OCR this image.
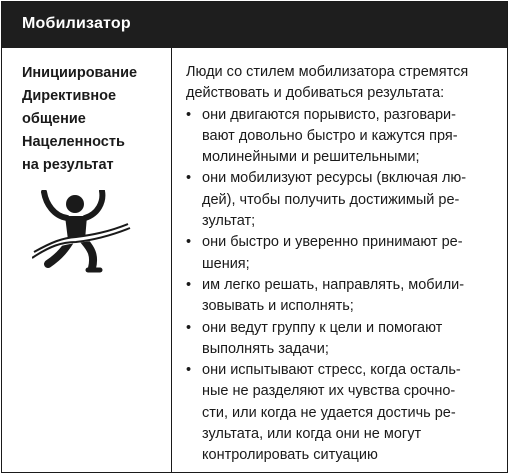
Мобилизатор
Инициирование
Директивное
общение
Нацеленность
на результат
Люди со стилем мобилизатора стремятся
действовать и добиваться результата:
• они двигаются порывисто, разговари-
вают довольно быстро и кажутся пря-
молинейными и решительными;
• они мобилизуют ресурсы (включая лю-
дей), чтобы получить достижимый ре-
зультат;
• они быстро и уверенно принимают ре-
шения;
• им легко решать, направлять, мобили-
зовывать и исполнять;
• они ведут группу к цели и помогают
выполнять задачи;
• они испытывают стресс, когда осталь-
ные не разделяют их чувства срочно-
сти, или когда не удается достичь ре-
зультата, или когда они не могут
контролировать ситуацию
